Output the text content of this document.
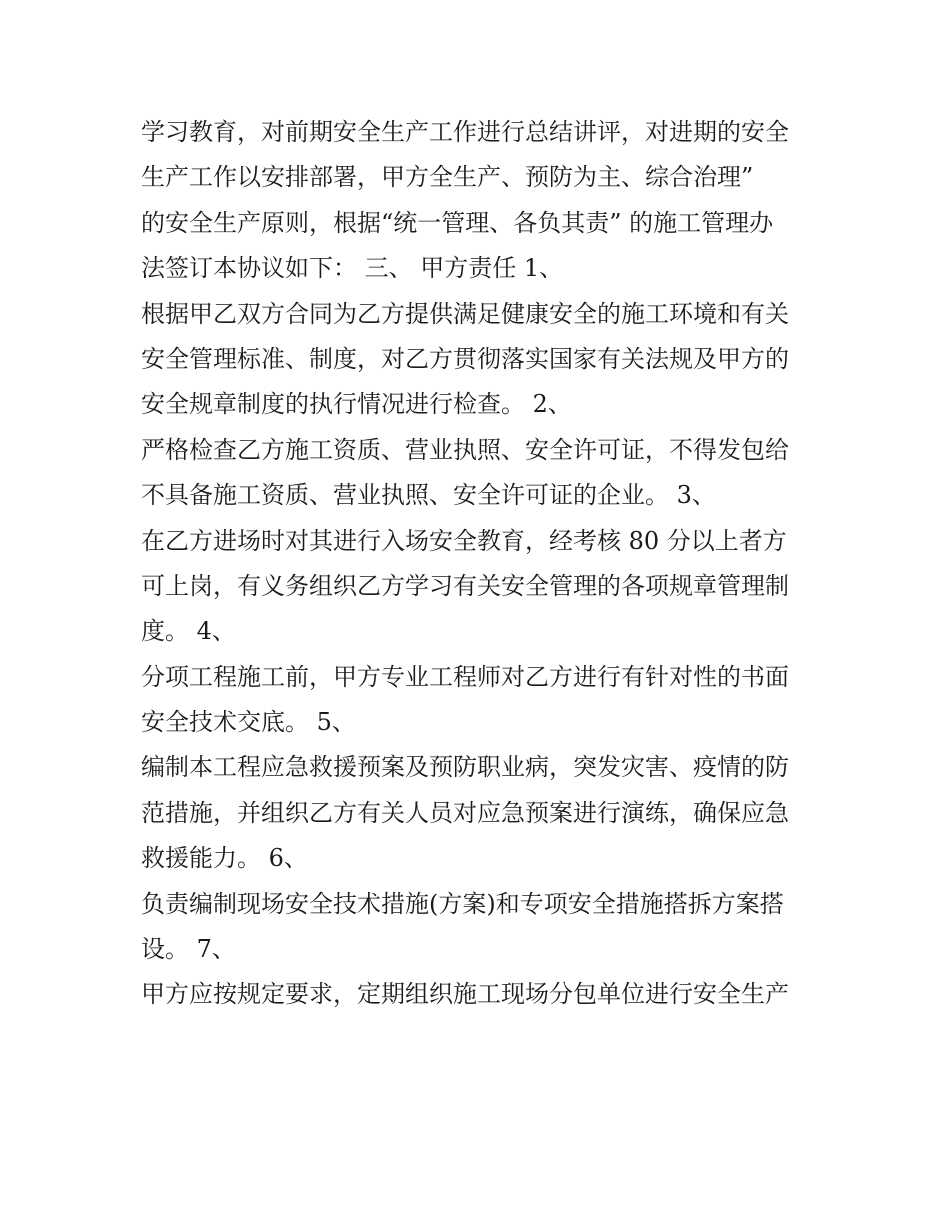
学习教育，对前期安全生产工作进行总结讲评，对进期的安全
生产工作以安排部署，甲方全生产、预防为主、综合治理”
的安全生产原则，根据“统一管理、各负其责” 的施工管理办
法签订本协议如下： 三、 甲方责任 1、
根据甲乙双方合同为乙方提供满足健康安全的施工环境和有关
安全管理标准、制度，对乙方贯彻落实国家有关法规及甲方的
安全规章制度的执行情况进行检查。 2、
严格检查乙方施工资质、营业执照、安全许可证，不得发包给
不具备施工资质、营业执照、安全许可证的企业。 3、
在乙方进场时对其进行入场安全教育，经考核 80 分以上者方
可上岗，有义务组织乙方学习有关安全管理的各项规章管理制
度。 4、
分项工程施工前，甲方专业工程师对乙方进行有针对性的书面
安全技术交底。 5、
编制本工程应急救援预案及预防职业病，突发灾害、疫情的防
范措施，并组织乙方有关人员对应急预案进行演练，确保应急
救援能力。 6、
负责编制现场安全技术措施(方案)和专项安全措施搭拆方案搭
设。 7、
甲方应按规定要求，定期组织施工现场分包单位进行安全生产
